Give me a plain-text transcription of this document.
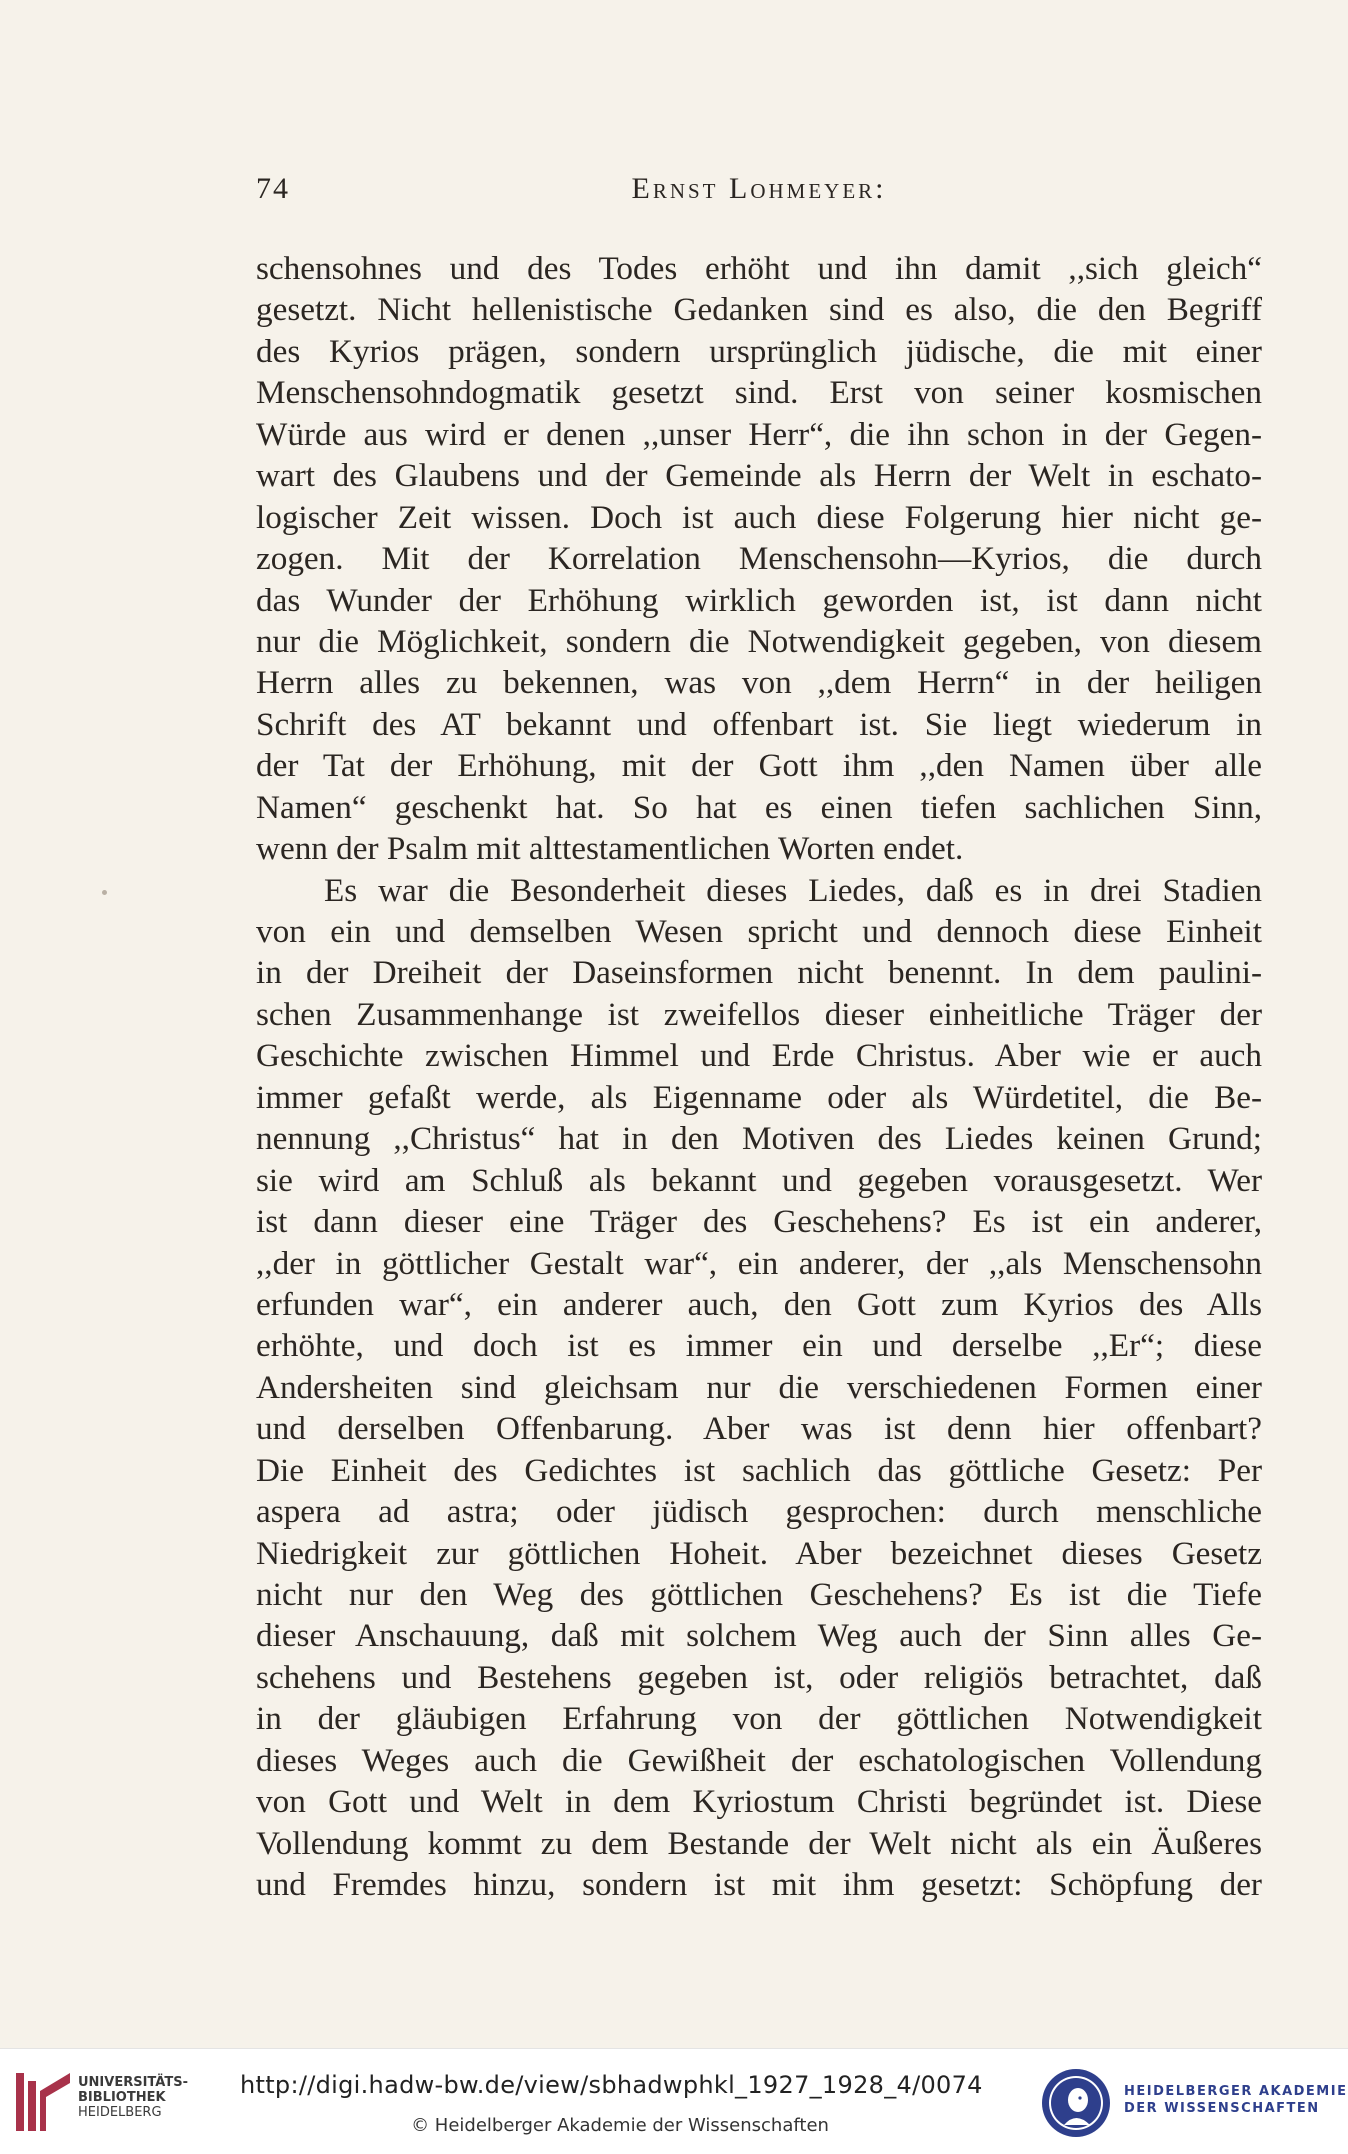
74	Ernst Lohmeyer:
schensohnes und des Todes erhöht und ihn damit ,,sich gleich“
gesetzt. Nicht hellenistische Gedanken sind es also, die den Begriff
des Kyrios prägen, sondern ursprünglich jüdische, die mit einer
Menschensohndogmatik gesetzt sind. Erst von seiner kosmischen
Würde aus wird er denen ,,unser Herr“, die ihn schon in der Gegen-
wart des Glaubens und der Gemeinde als Herrn der Welt in eschato-
logischer Zeit wissen. Doch ist auch diese Folgerung hier nicht ge-
zogen. Mit der Korrelation Menschensohn—Kyrios, die durch
das Wunder der Erhöhung wirklich geworden ist, ist dann nicht
nur die Möglichkeit, sondern die Notwendigkeit gegeben, von diesem
Herrn alles zu bekennen, was von ,,dem Herrn“ in der heiligen
Schrift des AT bekannt und offenbart ist. Sie liegt wiederum in
der Tat der Erhöhung, mit der Gott ihm ,,den Namen über alle
Namen“ geschenkt hat. So hat es einen tiefen sachlichen Sinn,
wenn der Psalm mit alttestamentlichen Worten endet.
Es war die Besonderheit dieses Liedes, daß es in drei Stadien
von ein und demselben Wesen spricht und dennoch diese Einheit
in der Dreiheit der Daseinsformen nicht benennt. In dem paulini-
schen Zusammenhange ist zweifellos dieser einheitliche Träger der
Geschichte zwischen Himmel und Erde Christus. Aber wie er auch
immer gefaßt werde, als Eigenname oder als Würdetitel, die Be-
nennung ,,Christus“ hat in den Motiven des Liedes keinen Grund;
sie wird am Schluß als bekannt und gegeben vorausgesetzt. Wer
ist dann dieser eine Träger des Geschehens? Es ist ein anderer,
,,der in göttlicher Gestalt war“, ein anderer, der ,,als Menschensohn
erfunden war“, ein anderer auch, den Gott zum Kyrios des Alls
erhöhte, und doch ist es immer ein und derselbe ,,Er“; diese
Andersheiten sind gleichsam nur die verschiedenen Formen einer
und derselben Offenbarung. Aber was ist denn hier offenbart?
Die Einheit des Gedichtes ist sachlich das göttliche Gesetz: Per
aspera ad astra; oder jüdisch gesprochen: durch menschliche
Niedrigkeit zur göttlichen Hoheit. Aber bezeichnet dieses Gesetz
nicht nur den Weg des göttlichen Geschehens? Es ist die Tiefe
dieser Anschauung, daß mit solchem Weg auch der Sinn alles Ge-
schehens und Bestehens gegeben ist, oder religiös betrachtet, daß
in der gläubigen Erfahrung von der göttlichen Notwendigkeit
dieses Weges auch die Gewißheit der eschatologischen Vollendung
von Gott und Welt in dem Kyriostum Christi begründet ist. Diese
Vollendung kommt zu dem Bestande der Welt nicht als ein Äußeres
und Fremdes hinzu, sondern ist mit ihm gesetzt: Schöpfung der
UNIVERSITÄTS-
BIBLIOTHEK
HEIDELBERG
http://digi.hadw-bw.de/view/sbhadwphkl_1927_1928_4/0074
© Heidelberger Akademie der Wissenschaften
HEIDELBERGER AKADEMIE
DER WISSENSCHAFTEN
